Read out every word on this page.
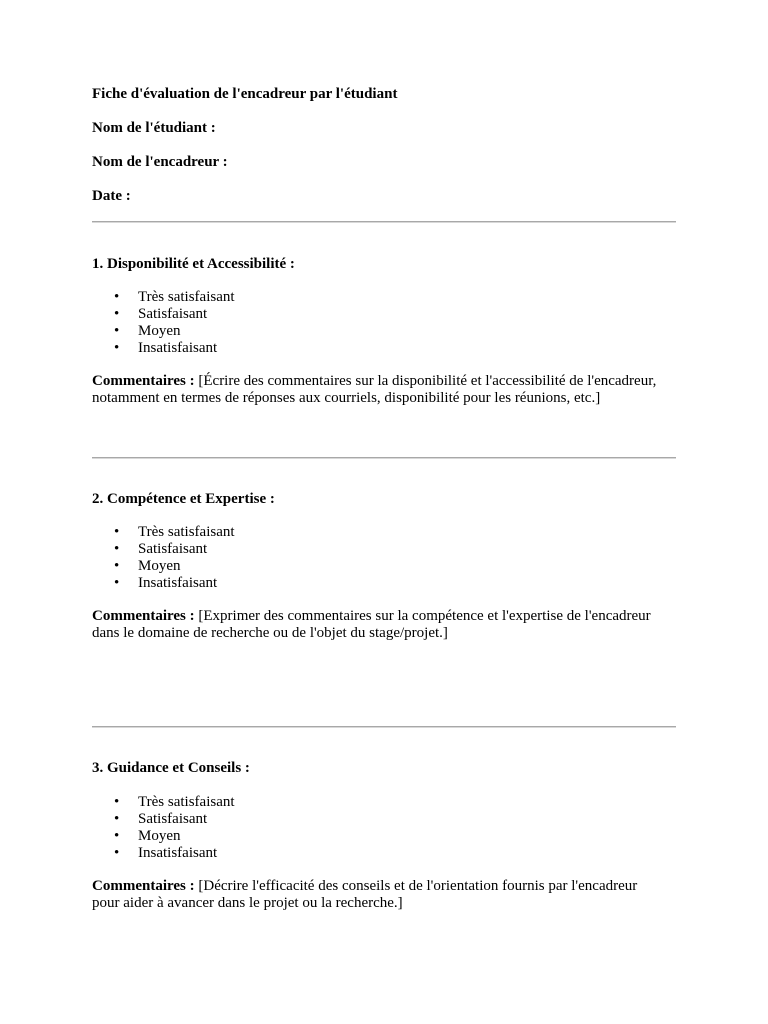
Fiche d'évaluation de l'encadreur par l'étudiant
Nom de l'étudiant :
Nom de l'encadreur :
Date :
1. Disponibilité et Accessibilité :
• Très satisfaisant
• Satisfaisant
• Moyen
• Insatisfaisant
Commentaires : [Écrire des commentaires sur la disponibilité et l'accessibilité de l'encadreur,
notamment en termes de réponses aux courriels, disponibilité pour les réunions, etc.]
2. Compétence et Expertise :
• Très satisfaisant
• Satisfaisant
• Moyen
• Insatisfaisant
Commentaires : [Exprimer des commentaires sur la compétence et l'expertise de l'encadreur
dans le domaine de recherche ou de l'objet du stage/projet.]
3. Guidance et Conseils :
• Très satisfaisant
• Satisfaisant
• Moyen
• Insatisfaisant
Commentaires : [Décrire l'efficacité des conseils et de l'orientation fournis par l'encadreur
pour aider à avancer dans le projet ou la recherche.]
